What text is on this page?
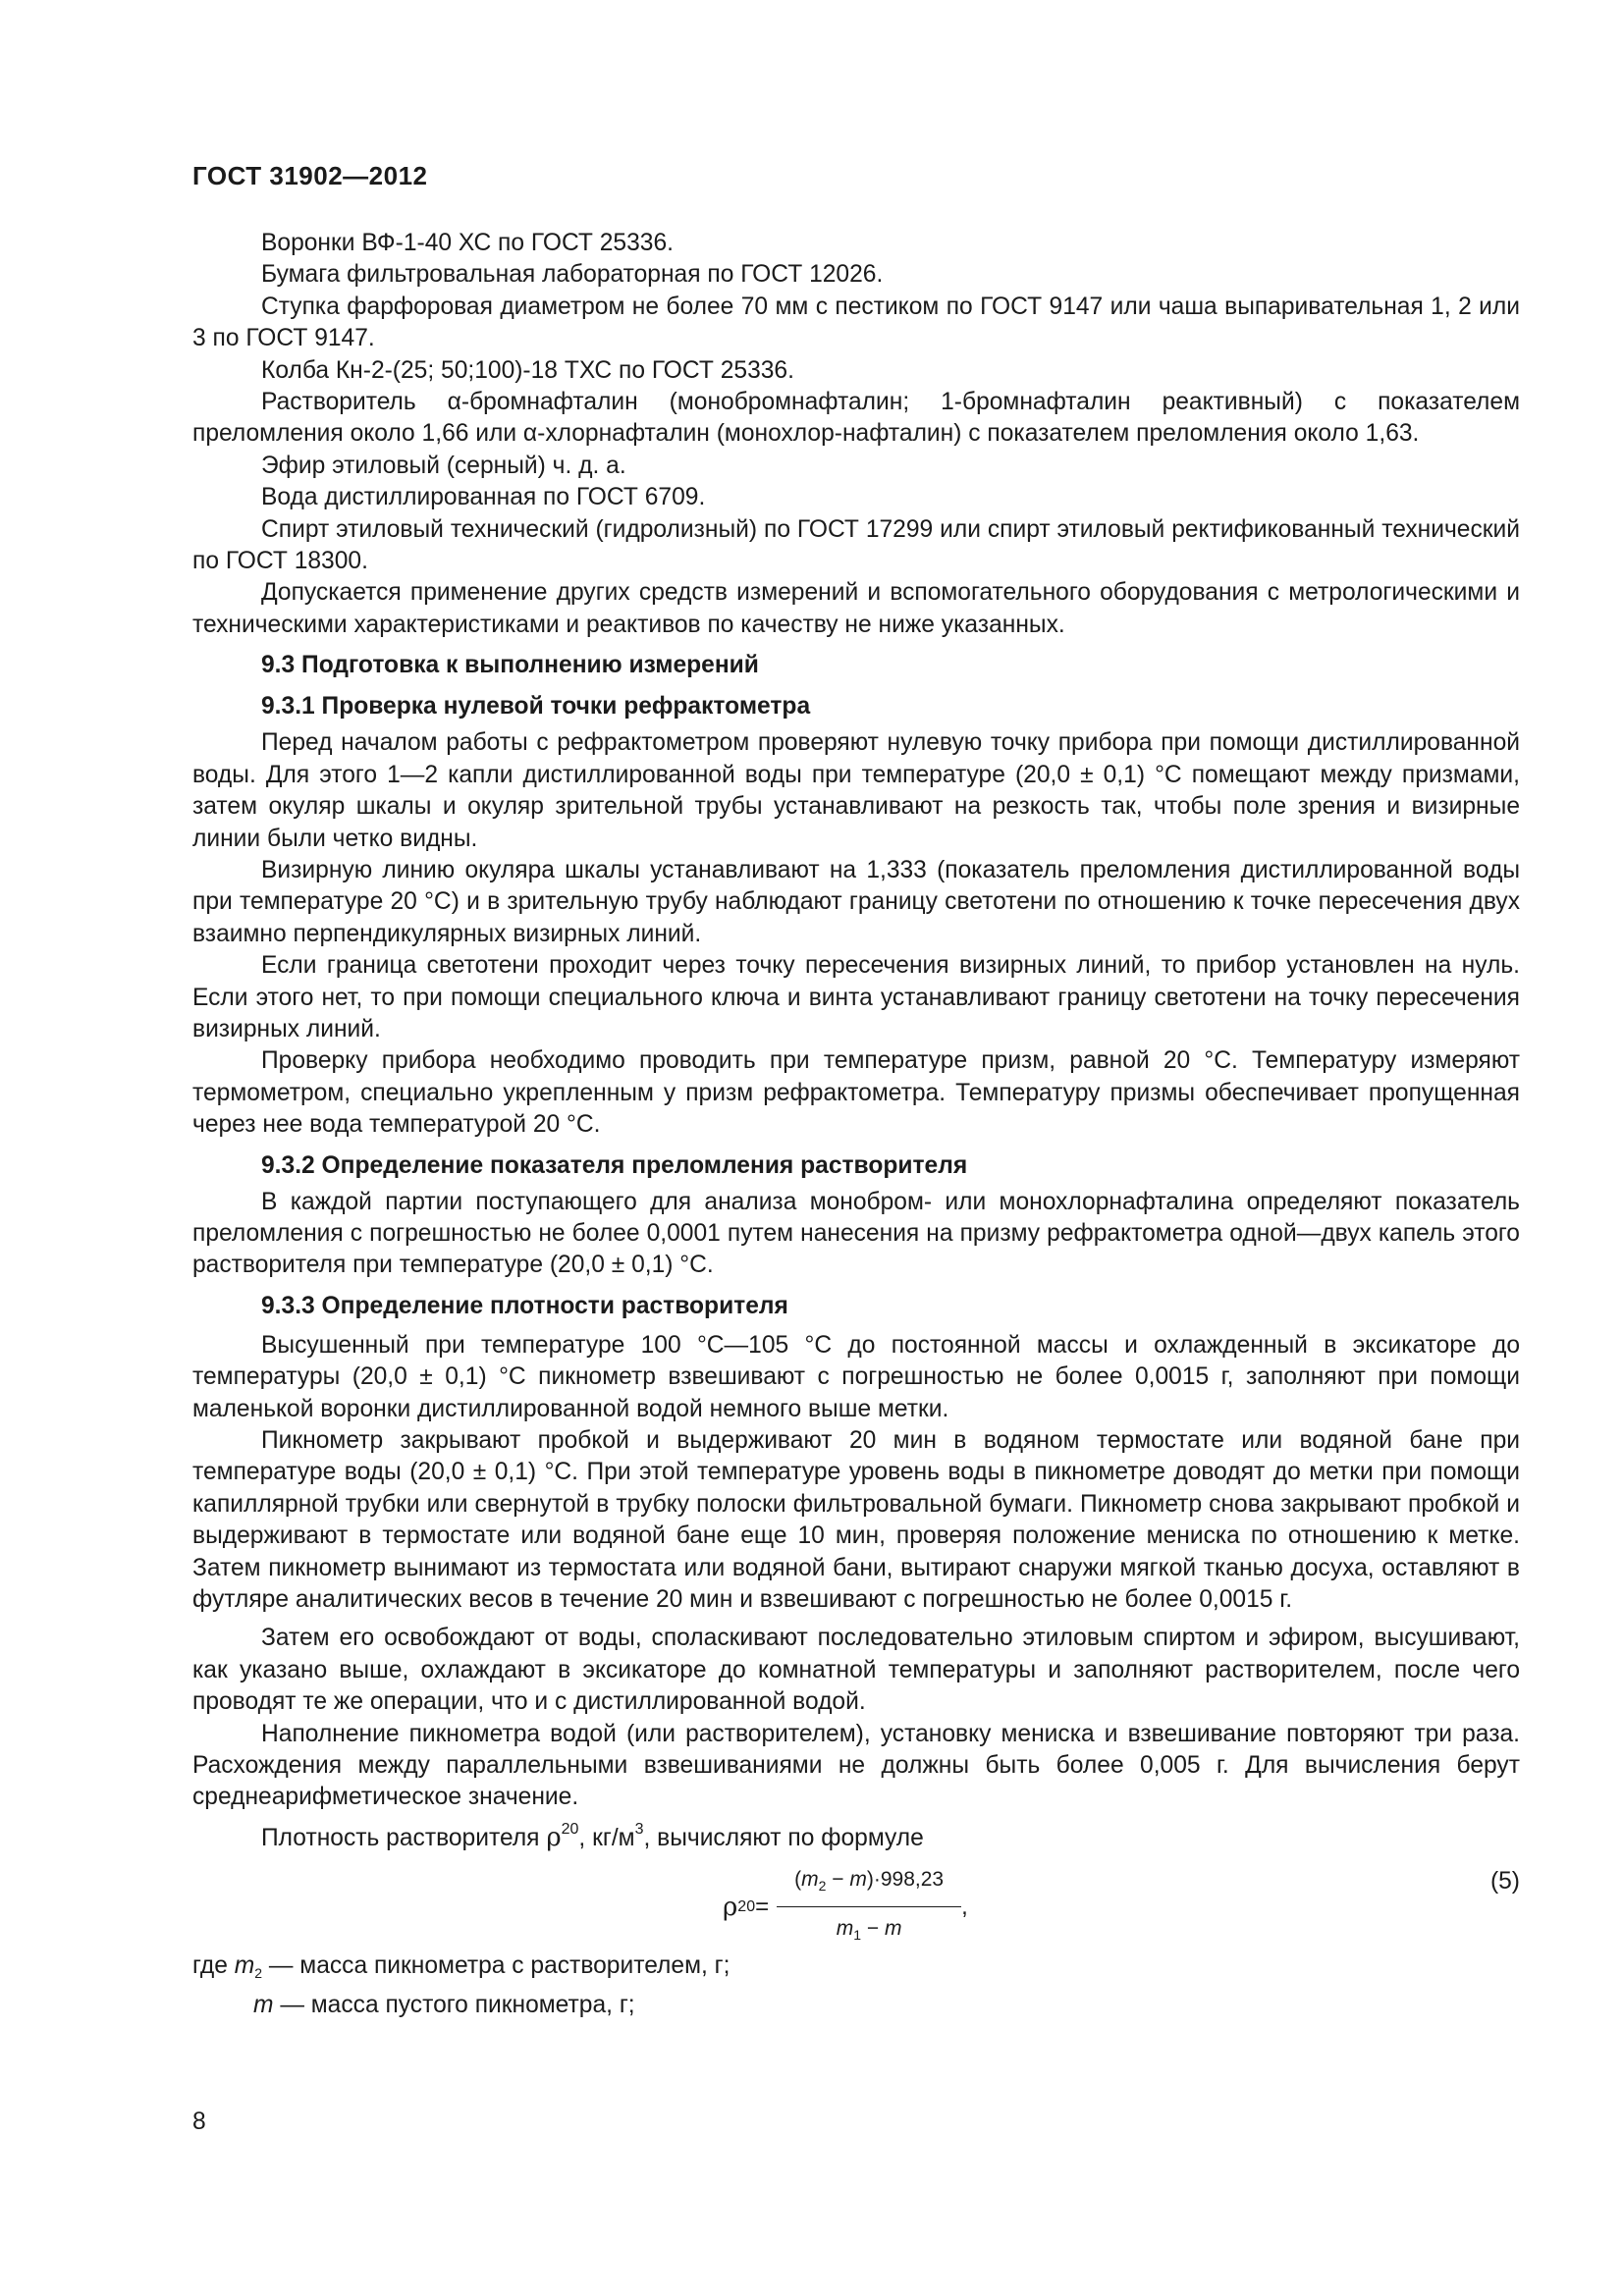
ГОСТ 31902—2012

Воронки ВФ-1-40 ХС по ГОСТ 25336.

Бумага фильтровальная лабораторная по ГОСТ 12026.

Ступка фарфоровая диаметром не более 70 мм с пестиком по ГОСТ 9147 или чаша выпаривательная 1, 2 или 3 по ГОСТ 9147.

Колба Кн-2-(25; 50;100)-18 ТХС по ГОСТ 25336.

Растворитель α-бромнафталин (монобромнафталин; 1-бромнафталин реактивный) с показателем преломления около 1,66 или α-хлорнафталин (монохлор-нафталин) с показателем преломления около 1,63.

Эфир этиловый (серный) ч. д. а.

Вода дистиллированная по ГОСТ 6709.

Спирт этиловый технический (гидролизный) по ГОСТ 17299 или спирт этиловый ректификованный технический по ГОСТ 18300.

Допускается применение других средств измерений и вспомогательного оборудования с метрологическими и техническими характеристиками и реактивов по качеству не ниже указанных.

9.3 Подготовка к выполнению измерений
9.3.1 Проверка нулевой точки рефрактометра

Перед началом работы с рефрактометром проверяют нулевую точку прибора при помощи дистиллированной воды. Для этого 1—2 капли дистиллированной воды при температуре (20,0 ± 0,1) °С помещают между призмами, затем окуляр шкалы и окуляр зрительной трубы устанавливают на резкость так, чтобы поле зрения и визирные линии были четко видны.

Визирную линию окуляра шкалы устанавливают на 1,333 (показатель преломления дистиллированной воды при температуре 20 °С) и в зрительную трубу наблюдают границу светотени по отношению к точке пересечения двух взаимно перпендикулярных визирных линий.

Если граница светотени проходит через точку пересечения визирных линий, то прибор установлен на нуль. Если этого нет, то при помощи специального ключа и винта устанавливают границу светотени на точку пересечения визирных линий.

Проверку прибора необходимо проводить при температуре призм, равной 20 °С. Температуру измеряют термометром, специально укрепленным у призм рефрактометра. Температуру призмы обеспечивает пропущенная через нее вода температурой 20 °С.

9.3.2 Определение показателя преломления растворителя

В каждой партии поступающего для анализа монобром- или монохлорнафталина определяют показатель преломления с погрешностью не более 0,0001 путем нанесения на призму рефрактометра одной—двух капель этого растворителя при температуре (20,0 ± 0,1) °С.

9.3.3 Определение плотности растворителя

Высушенный при температуре 100 °С—105 °С до постоянной массы и охлажденный в эксикаторе до температуры (20,0 ± 0,1) °С пикнометр взвешивают с погрешностью не более 0,0015 г, заполняют при помощи маленькой воронки дистиллированной водой немного выше метки.

Пикнометр закрывают пробкой и выдерживают 20 мин в водяном термостате или водяной бане при температуре воды (20,0 ± 0,1) °С. При этой температуре уровень воды в пикнометре доводят до метки при помощи капиллярной трубки или свернутой в трубку полоски фильтровальной бумаги. Пикнометр снова закрывают пробкой и выдерживают в термостате или водяной бане еще 10 мин, проверяя положение мениска по отношению к метке. Затем пикнометр вынимают из термостата или водяной бани, вытирают снаружи мягкой тканью досуха, оставляют в футляре аналитических весов в течение 20 мин и взвешивают с погрешностью не более 0,0015 г.

Затем его освобождают от воды, споласкивают последовательно этиловым спиртом и эфиром, высушивают, как указано выше, охлаждают в эксикаторе до комнатной температуры и заполняют растворителем, после чего проводят те же операции, что и с дистиллированной водой.

Наполнение пикнометра водой (или растворителем), установку мениска и взвешивание повторяют три раза. Расхождения между параллельными взвешиваниями не должны быть более 0,005 г. Для вычисления берут среднеарифметическое значение.

Плотность растворителя $\rho^{20}$, $кг/м^3$, вычисляют по формуле

ρ $20 = \frac{(m_2 - m)\cdot 998,23}{m_1 - m}$ ,
(5)
где $m_2$ — масса пикнометра с растворителем, г;
m — масса пустого пикнометра, г;
8
